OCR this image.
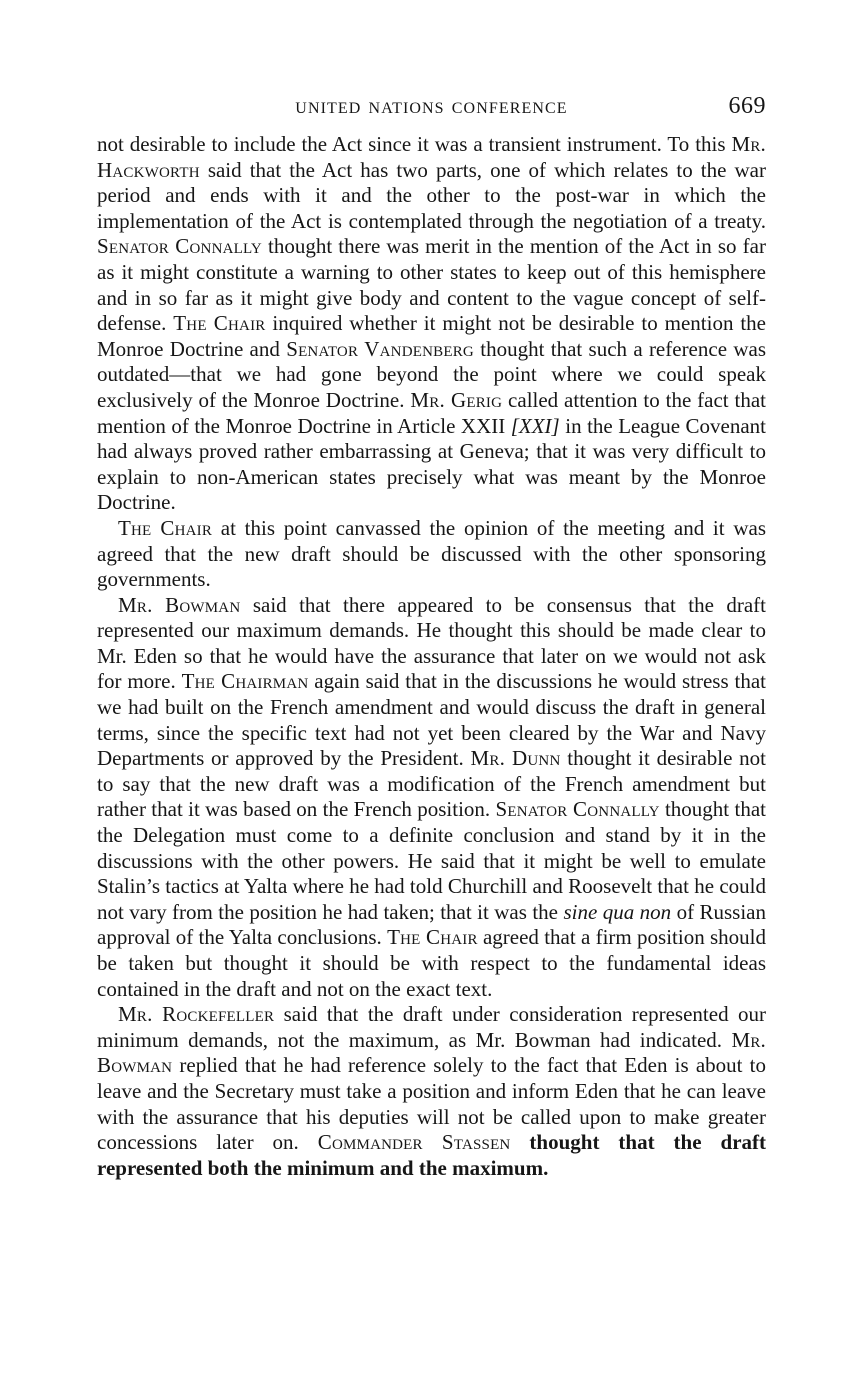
UNITED NATIONS CONFERENCE	669

not desirable to include the Act since it was a transient instrument. To this Mr. Hackworth said that the Act has two parts, one of which relates to the war period and ends with it and the other to the post-war in which the implementation of the Act is contemplated through the negotiation of a treaty. Senator Connally thought there was merit in the mention of the Act in so far as it might constitute a warning to other states to keep out of this hemisphere and in so far as it might give body and content to the vague concept of self-defense. The Chair inquired whether it might not be desirable to mention the Monroe Doctrine and Senator Vandenberg thought that such a reference was outdated—that we had gone beyond the point where we could speak exclusively of the Monroe Doctrine. Mr. Gerig called attention to the fact that mention of the Monroe Doctrine in Article XXII [XXI] in the League Covenant had always proved rather embarrassing at Geneva; that it was very difficult to explain to non-American states precisely what was meant by the Monroe Doctrine.

The Chair at this point canvassed the opinion of the meeting and it was agreed that the new draft should be discussed with the other sponsoring governments.

Mr. Bowman said that there appeared to be consensus that the draft represented our maximum demands. He thought this should be made clear to Mr. Eden so that he would have the assurance that later on we would not ask for more. The Chairman again said that in the discussions he would stress that we had built on the French amendment and would discuss the draft in general terms, since the specific text had not yet been cleared by the War and Navy Departments or approved by the President. Mr. Dunn thought it desirable not to say that the new draft was a modification of the French amendment but rather that it was based on the French position. Senator Connally thought that the Delegation must come to a definite conclusion and stand by it in the discussions with the other powers. He said that it might be well to emulate Stalin’s tactics at Yalta where he had told Churchill and Roosevelt that he could not vary from the position he had taken; that it was the sine qua non of Russian approval of the Yalta conclusions. The Chair agreed that a firm position should be taken but thought it should be with respect to the fundamental ideas contained in the draft and not on the exact text.

Mr. Rockefeller said that the draft under consideration represented our minimum demands, not the maximum, as Mr. Bowman had indicated. Mr. Bowman replied that he had reference solely to the fact that Eden is about to leave and the Secretary must take a position and inform Eden that he can leave with the assurance that his deputies will not be called upon to make greater concessions later on. Commander Stassen thought that the draft represented both the minimum and the maximum.
